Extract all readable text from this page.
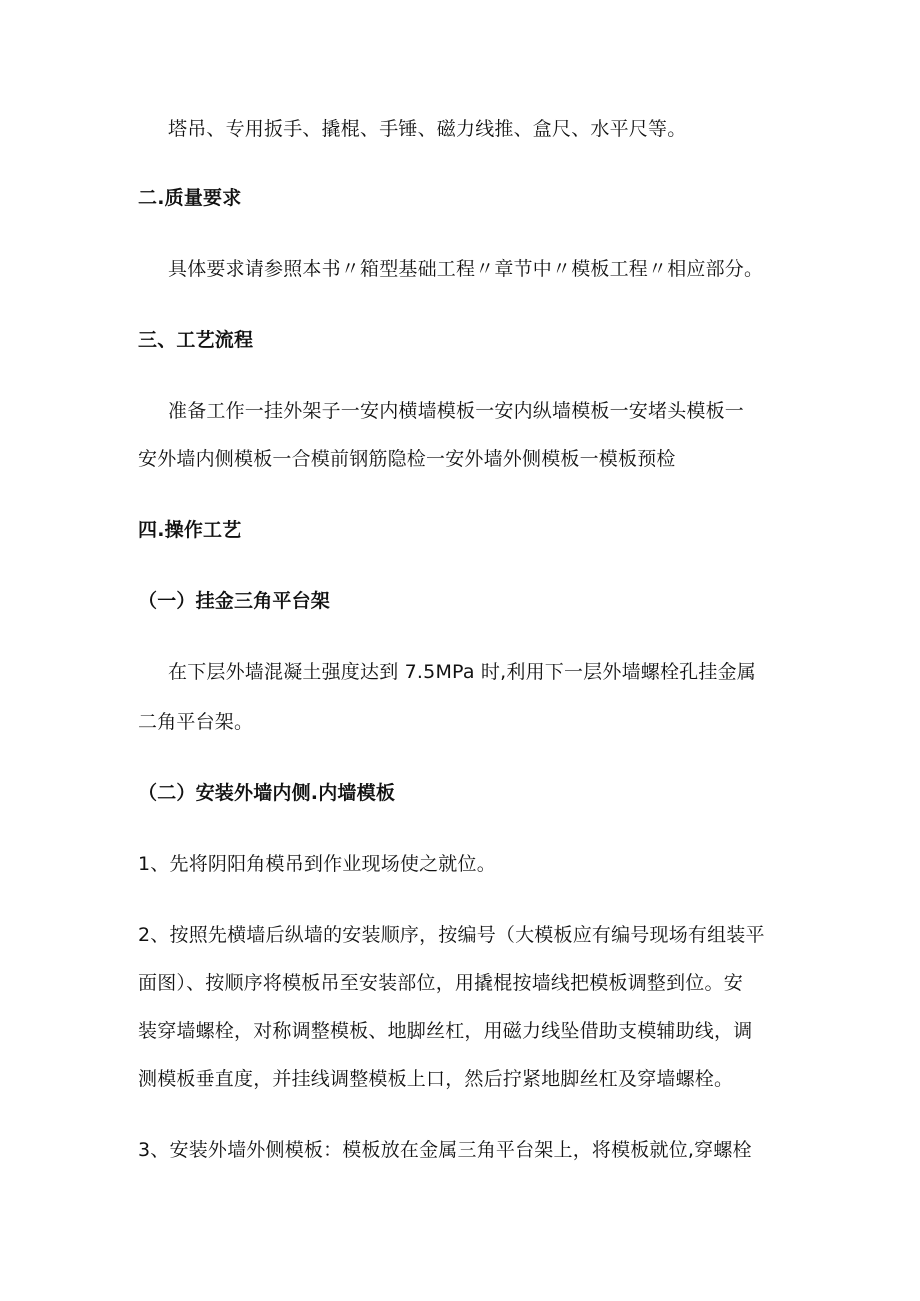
塔吊、专用扳手、撬棍、手锤、磁力线推、盒尺、水平尺等。
二.质量要求
具体要求请参照本书〃箱型基础工程〃章节中〃模板工程〃相应部分。
三、工艺流程
准备工作一挂外架子一安内横墙模板一安内纵墙模板一安堵头模板一
安外墙内侧模板一合模前钢筋隐检一安外墙外侧模板一模板预检
四.操作工艺
（一）挂金三角平台架
在下层外墙混凝土强度达到 7.5MPa 时,利用下一层外墙螺栓孔挂金属
二角平台架。
（二）安装外墙内侧.内墙模板
1、先将阴阳角模吊到作业现场使之就位。
2、按照先横墙后纵墙的安装顺序，按编号（大模板应有编号现场有组装平
面图）、按顺序将模板吊至安装部位，用撬棍按墙线把模板调整到位。安
装穿墙螺栓，对称调整模板、地脚丝杠，用磁力线坠借助支模辅助线，调
测模板垂直度，并挂线调整模板上口，然后拧紧地脚丝杠及穿墙螺栓。
3、安装外墙外侧模板：模板放在金属三角平台架上，将模板就位,穿螺栓
